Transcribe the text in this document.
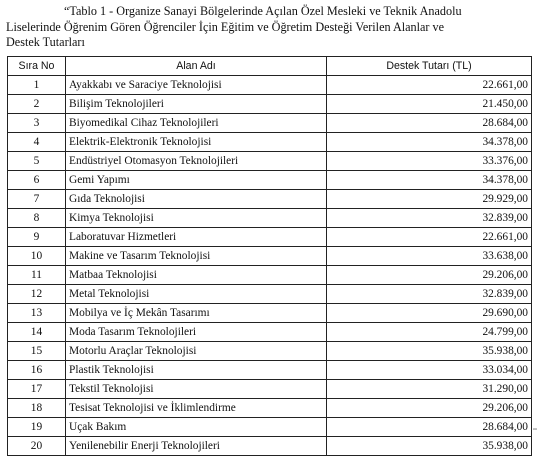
“Tablo 1 - Organize Sanayi Bölgelerinde Açılan Özel Mesleki ve Teknik Anadolu
Liselerinde Öğrenim Gören Öğrenciler İçin Eğitim ve Öğretim Desteği Verilen Alanlar ve
Destek Tutarları

Sıra No	Alan Adı	Destek Tutarı (TL)
1	Ayakkabı ve Saraciye Teknolojisi	22.661,00
2	Bilişim Teknolojileri	21.450,00
3	Biyomedikal Cihaz Teknolojileri	28.684,00
4	Elektrik-Elektronik Teknolojisi	34.378,00
5	Endüstriyel Otomasyon Teknolojileri	33.376,00
6	Gemi Yapımı	34.378,00
7	Gıda Teknolojisi	29.929,00
8	Kimya Teknolojisi	32.839,00
9	Laboratuvar Hizmetleri	22.661,00
10	Makine ve Tasarım Teknolojisi	33.638,00
11	Matbaa Teknolojisi	29.206,00
12	Metal Teknolojisi	32.839,00
13	Mobilya ve İç Mekân Tasarımı	29.690,00
14	Moda Tasarım Teknolojileri	24.799,00
15	Motorlu Araçlar Teknolojisi	35.938,00
16	Plastik Teknolojisi	33.034,00
17	Tekstil Teknolojisi	31.290,00
18	Tesisat Teknolojisi ve İklimlendirme	29.206,00
19	Uçak Bakım	28.684,00
20	Yenilenebilir Enerji Teknolojileri	35.938,00
””
